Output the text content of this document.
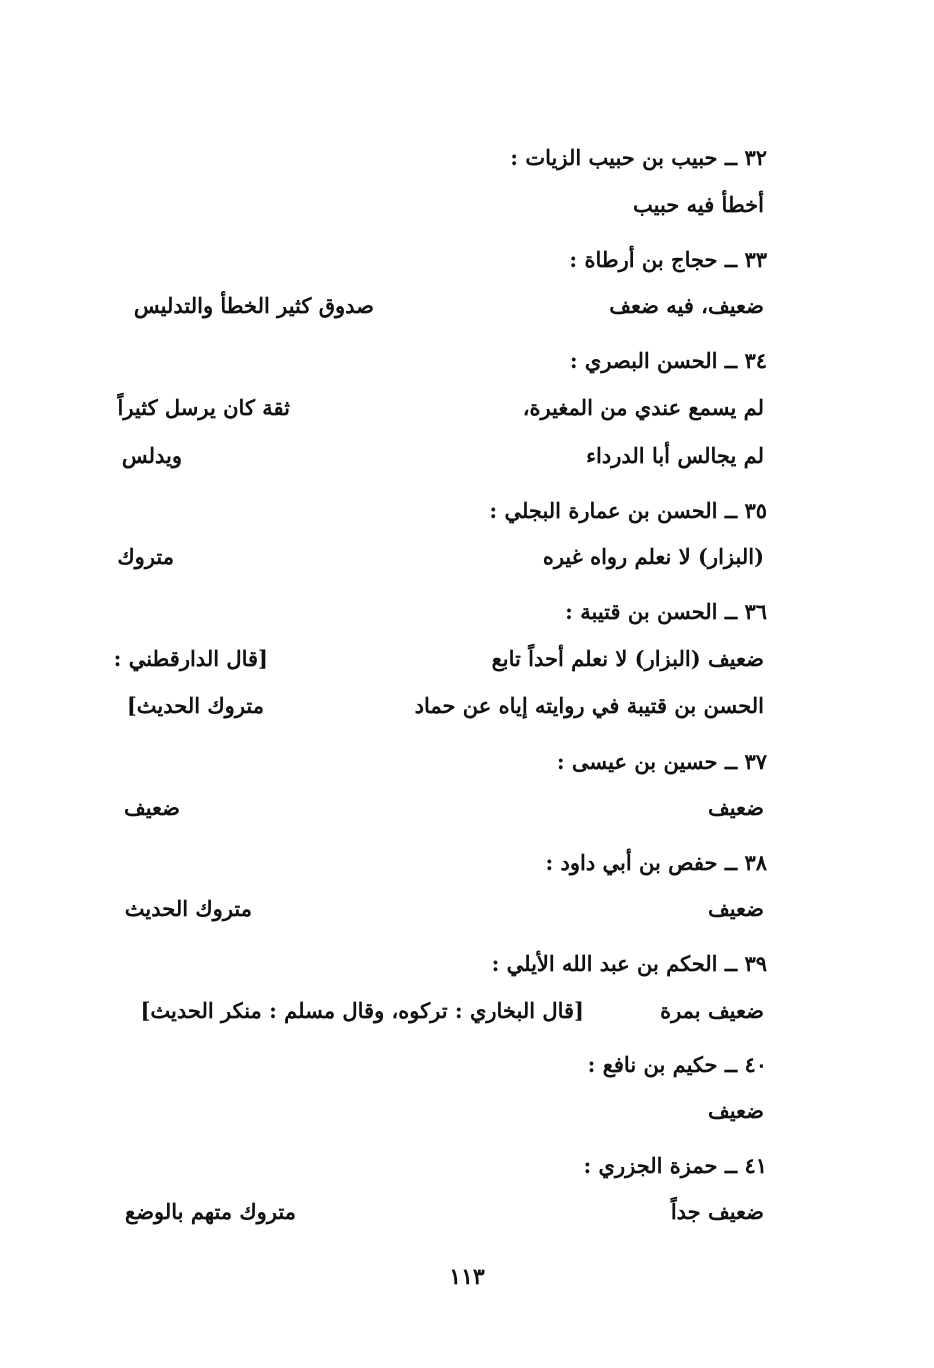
٣٢ ــ حبيب بن حبيب الزيات :
أخطأ فيه حبيب
٣٣ ــ حجاج بن أرطاة :
ضعيف، فيه ضعف
صدوق كثير الخطأ والتدليس
٣٤ ــ الحسن البصري :
لم يسمع عندي من المغيرة،
ثقة كان يرسل كثيراً
لم يجالس أبا الدرداء
ويدلس
٣٥ ــ الحسن بن عمارة البجلي :
(البزار) لا نعلم رواه غيره
متروك
٣٦ ــ الحسن بن قتيبة :
ضعيف (البزار) لا نعلم أحداً تابع
[قال الدارقطني :
الحسن بن قتيبة في روايته إياه عن حماد
متروك الحديث]
٣٧ ــ حسين بن عيسى :
ضعيف
ضعيف
٣٨ ــ حفص بن أبي داود :
ضعيف
متروك الحديث
٣٩ ــ الحكم بن عبد الله الأيلي :
ضعيف بمرة
[قال البخاري : تركوه، وقال مسلم : منكر الحديث]
٤٠ ــ حكيم بن نافع :
ضعيف
٤١ ــ حمزة الجزري :
ضعيف جداً
متروك متهم بالوضع
١١٣
